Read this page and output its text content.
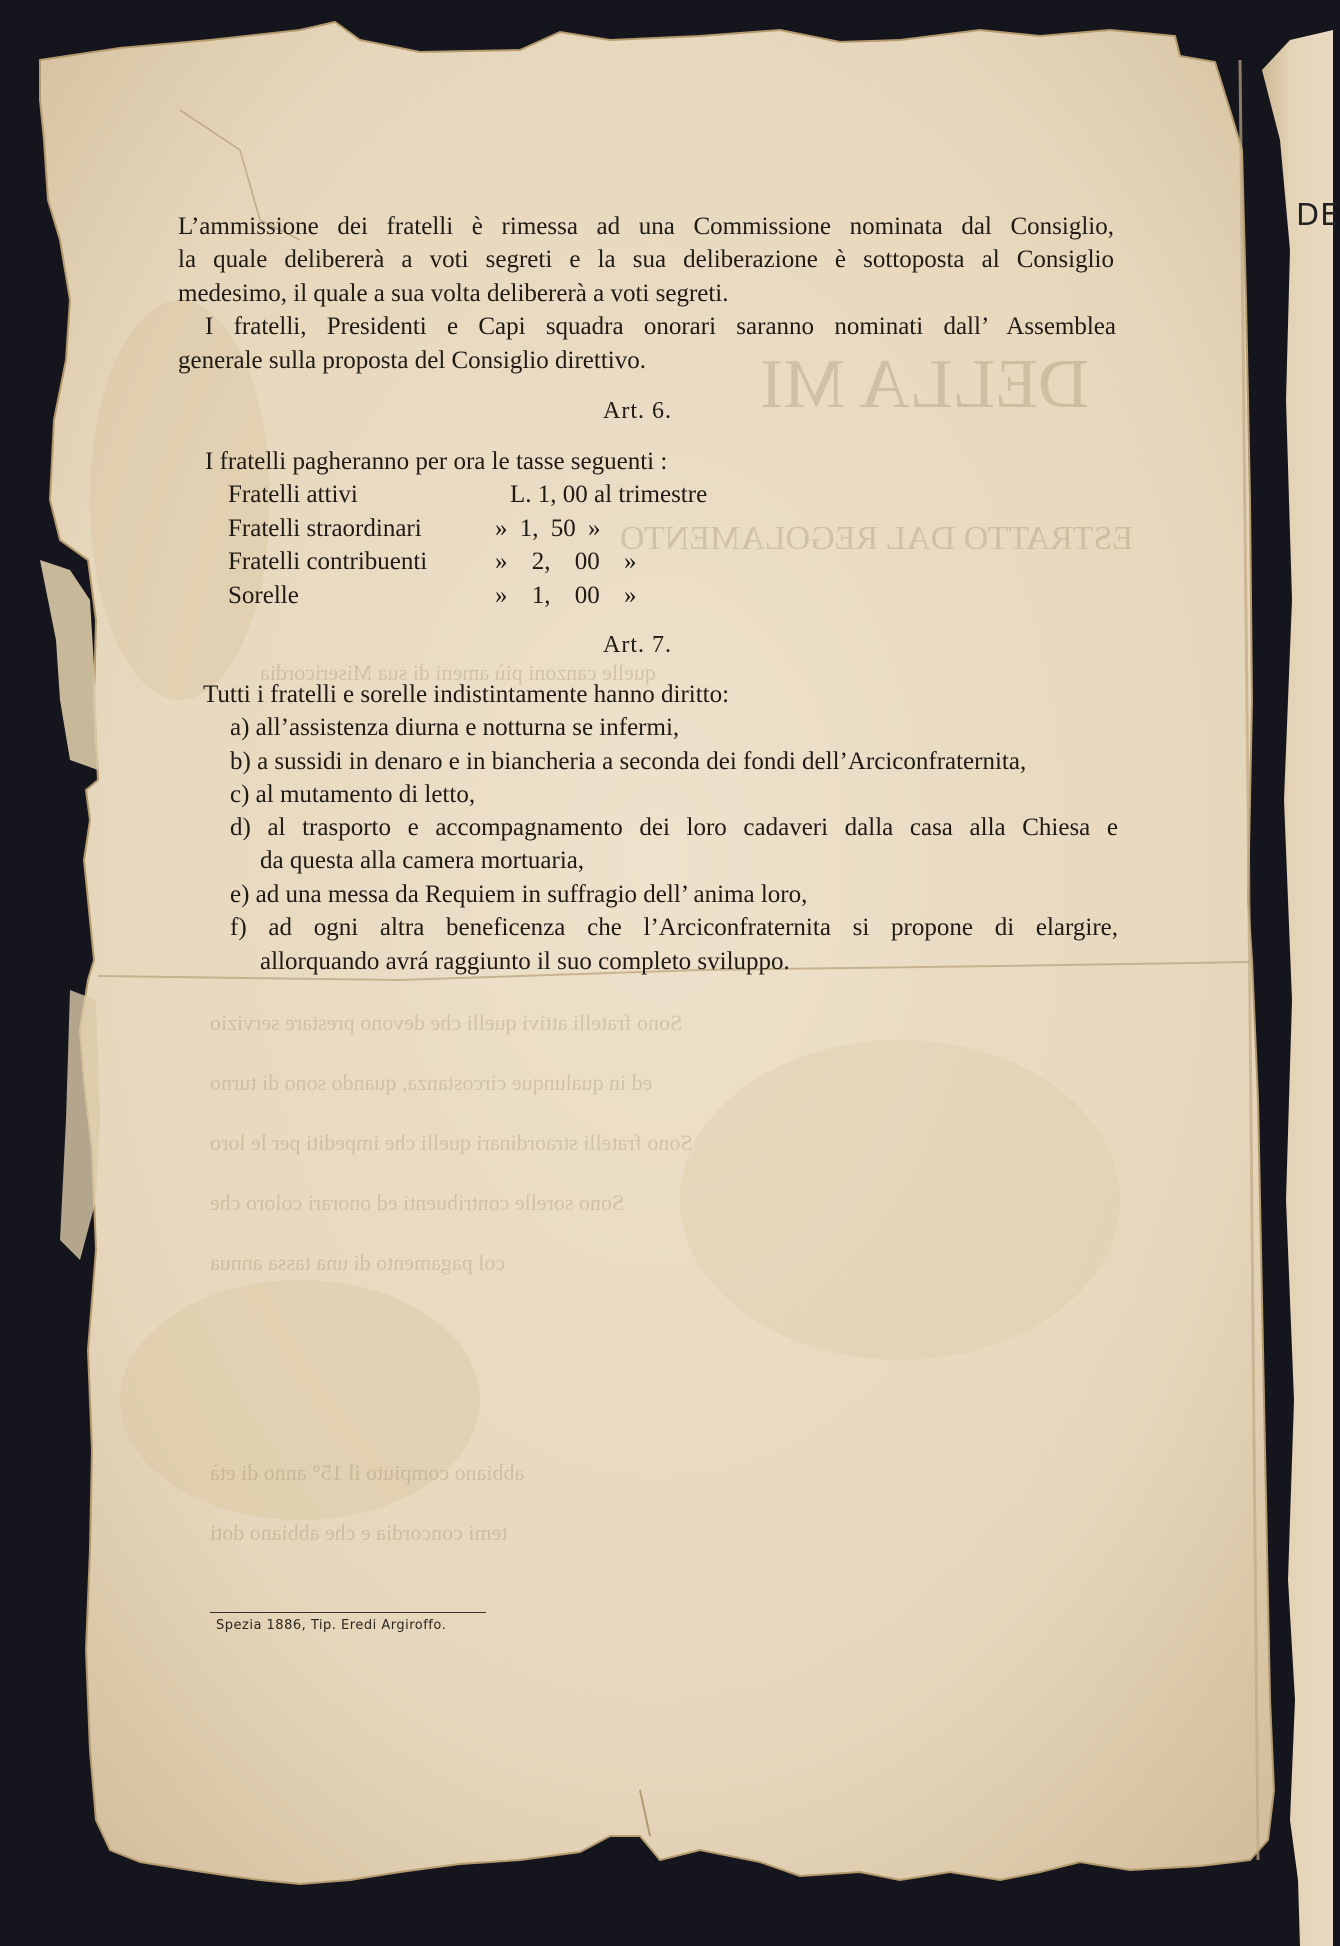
DELLA MI
ESTRATTO DAL REGOLAMENTO
quelle canzoni più ameni di sua Misericordia
Sono fratelli attivi quelli che devono prestare servizio
ed in qualunque circostanza, quando sono di turno
Sono fratelli straordinari quelli che impediti per le loro
Sono sorelle contribuenti ed onorari coloro che
col pagamento di una tassa annua
abbiano compiuto il 15° anno di età
temi concordia e che abbiano doti
L’ammissione dei fratelli è rimessa ad una Commissione nominata dal Consiglio,
la quale delibererà a voti segreti e la sua deliberazione è sottoposta al Consiglio
medesimo, il quale a sua volta delibererà a voti segreti.
I fratelli, Presidenti e Capi squadra onorari saranno nominati dall’ Assemblea
generale sulla proposta del Consiglio direttivo.
Art. 6.
I fratelli pagheranno per ora le tasse seguenti :
Fratelli attivi	L. 1, 00 al trimestre
Fratelli straordinari	» 1, 50 »
Fratelli contribuenti	» 2, 00 »
Sorelle	» 1, 00 »
Art. 7.
Tutti i fratelli e sorelle indistintamente hanno diritto:
a) all’assistenza diurna e notturna se infermi,
b) a sussidi in denaro e in biancheria a seconda dei fondi dell’Arciconfraternita,
c) al mutamento di letto,
d) al trasporto e accompagnamento dei loro cadaveri dalla casa alla Chiesa e
da questa alla camera mortuaria,
e) ad una messa da Requiem in suffragio dell’ anima loro,
f) ad ogni altra beneficenza che l’Arciconfraternita si propone di elargire,
allorquando avrá raggiunto il suo completo sviluppo.
Spezia 1886, Tip. Eredi Argiroffo.
DE
